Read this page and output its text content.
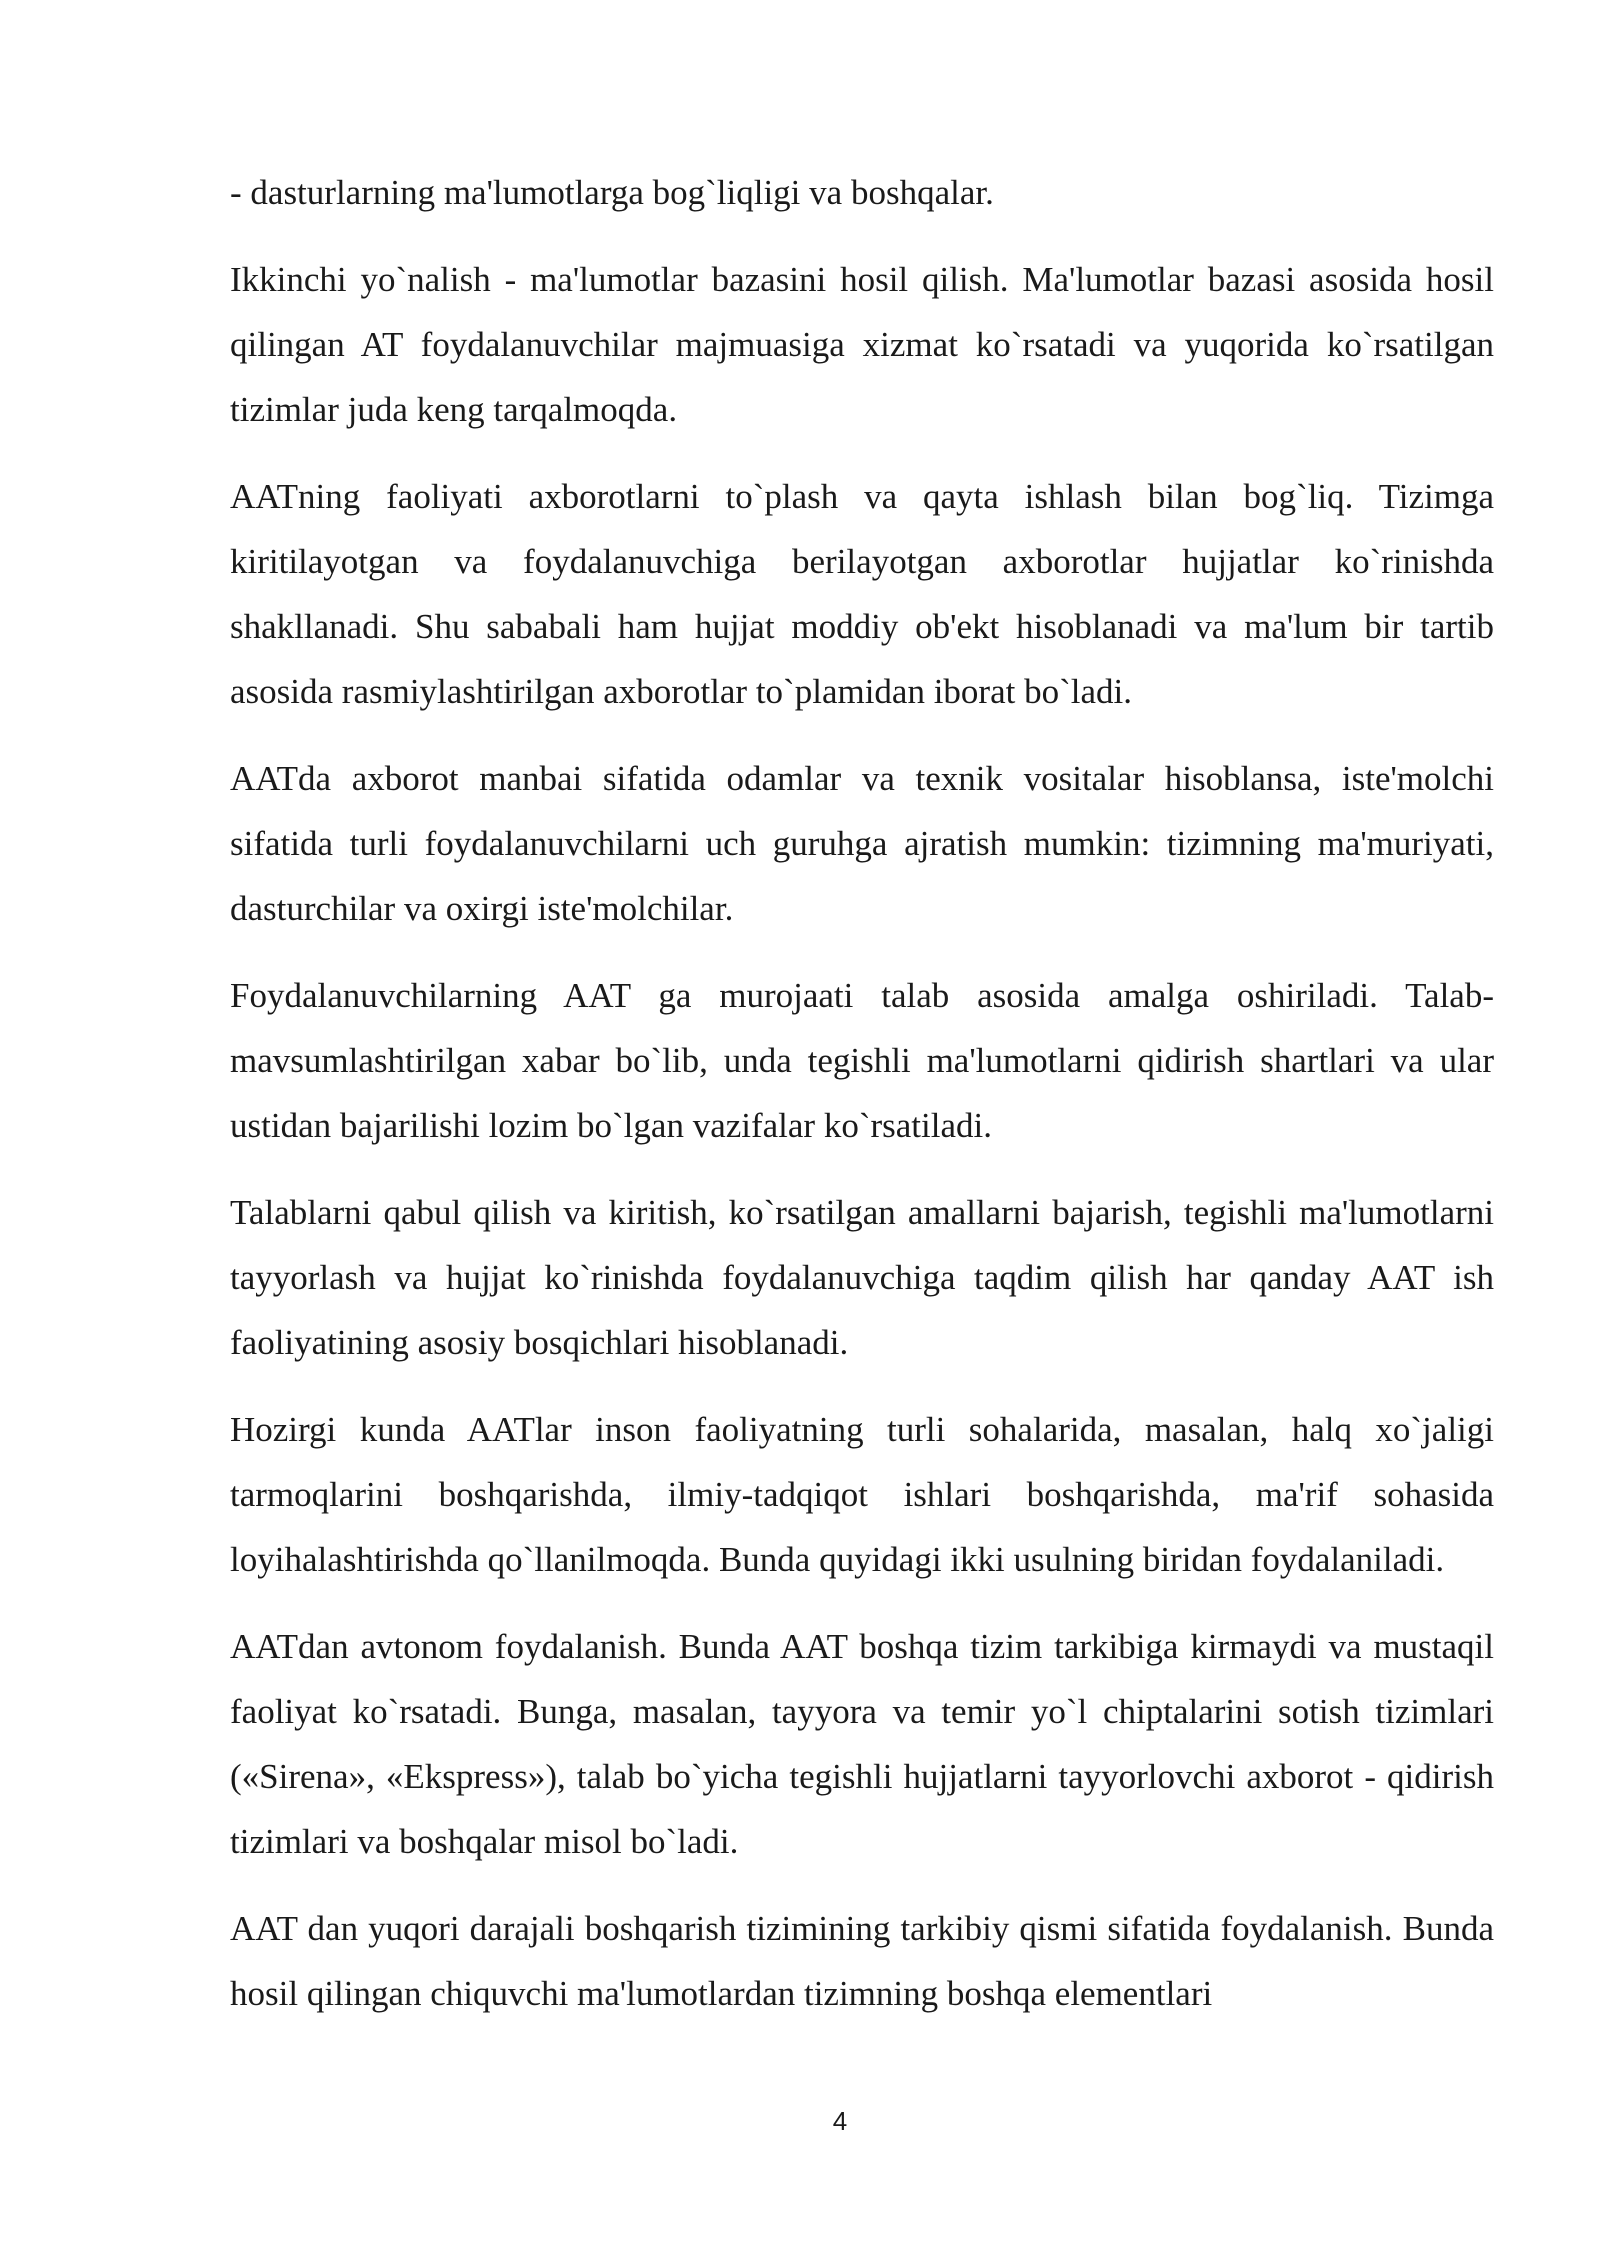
- dasturlarning ma'lumotlarga bog`liqligi va boshqalar.

Ikkinchi yo`nalish - ma'lumotlar bazasini hosil qilish. Ma'lumotlar bazasi asosida hosil qilingan AT foydalanuvchilar majmuasiga xizmat ko`rsatadi va yuqorida ko`rsatilgan tizimlar juda keng tarqalmoqda.

AATning faoliyati axborotlarni to`plash va qayta ishlash bilan bog`liq. Tizimga kiritilayotgan va foydalanuvchiga berilayotgan axborotlar hujjatlar ko`rinishda shakllanadi. Shu sababali ham hujjat moddiy ob'ekt hisoblanadi va ma'lum bir tartib asosida rasmiylashtirilgan axborotlar to`plamidan iborat bo`ladi.

AATda axborot manbai sifatida odamlar va texnik vositalar hisoblansa, iste'molchi sifatida turli foydalanuvchilarni uch guruhga ajratish mumkin: tizimning ma'muriyati, dasturchilar va oxirgi iste'molchilar.

Foydalanuvchilarning AAT ga murojaati talab asosida amalga oshiriladi. Talab- mavsumlashtirilgan xabar bo`lib, unda tegishli ma'lumotlarni qidirish shartlari va ular ustidan bajarilishi lozim bo`lgan vazifalar ko`rsatiladi.

Talablarni qabul qilish va kiritish, ko`rsatilgan amallarni bajarish, tegishli ma'lumotlarni tayyorlash va hujjat ko`rinishda foydalanuvchiga taqdim qilish har qanday AAT ish faoliyatining asosiy bosqichlari hisoblanadi.

Hozirgi kunda AATlar inson faoliyatning turli sohalarida, masalan, halq xo`jaligi tarmoqlarini boshqarishda, ilmiy-tadqiqot ishlari boshqarishda, ma'rif sohasida loyihalashtirishda qo`llanilmoqda. Bunda quyidagi ikki usulning biridan foydalaniladi.

AATdan avtonom foydalanish. Bunda AAT boshqa tizim tarkibiga kirmaydi va mustaqil faoliyat ko`rsatadi. Bunga, masalan, tayyora va temir yo`l chiptalarini sotish tizimlari («Sirena», «Ekspress»), talab bo`yicha tegishli hujjatlarni tayyorlovchi axborot - qidirish tizimlari va boshqalar misol bo`ladi.

AAT dan yuqori darajali boshqarish tizimining tarkibiy qismi sifatida foydalanish. Bunda hosil qilingan chiquvchi ma'lumotlardan tizimning boshqa elementlari

4
